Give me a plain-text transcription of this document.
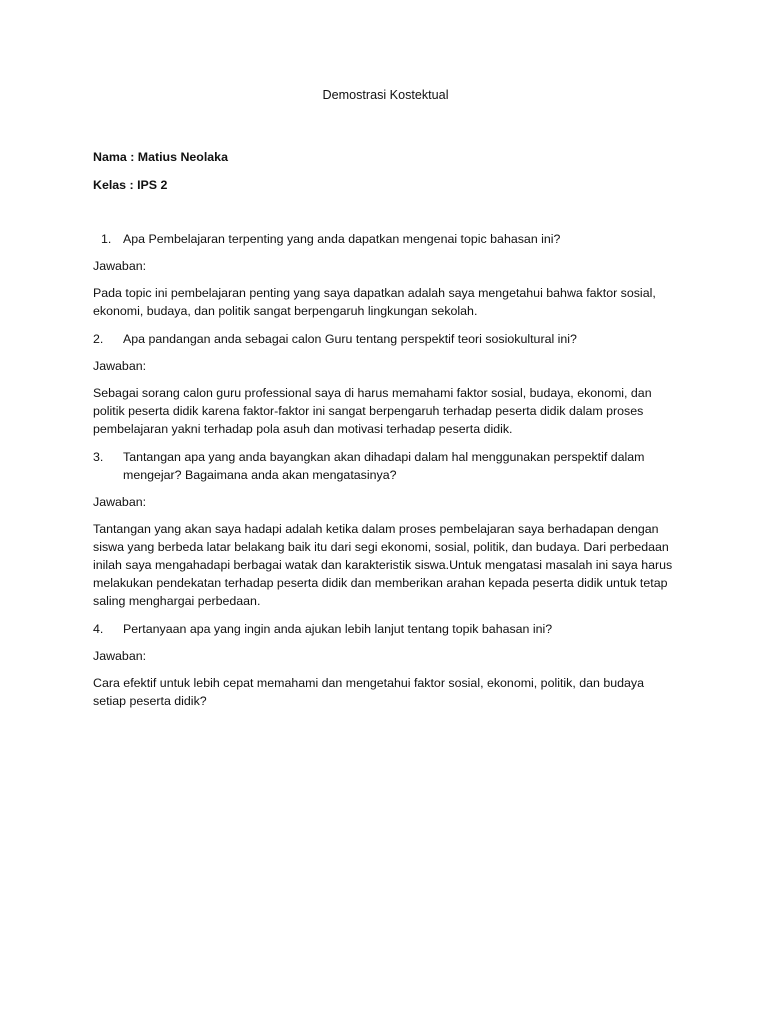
Demostrasi Kostektual
Nama : Matius Neolaka
Kelas : IPS 2
1. Apa Pembelajaran terpenting yang anda dapatkan mengenai topic bahasan ini?
Jawaban:
Pada topic ini pembelajaran penting yang saya dapatkan adalah saya mengetahui bahwa faktor sosial, ekonomi, budaya, dan politik sangat berpengaruh lingkungan sekolah.
2.	Apa pandangan anda sebagai calon Guru tentang perspektif teori sosiokultural ini?
Jawaban:
Sebagai sorang calon guru professional saya di harus memahami faktor sosial, budaya, ekonomi, dan politik peserta didik karena faktor-faktor ini sangat berpengaruh terhadap peserta didik dalam proses pembelajaran yakni terhadap pola asuh dan motivasi terhadap peserta didik.
3.	Tantangan apa yang anda bayangkan akan dihadapi dalam hal menggunakan perspektif dalam mengejar? Bagaimana anda akan mengatasinya?
Jawaban:
Tantangan yang akan saya hadapi adalah ketika dalam proses pembelajaran saya berhadapan dengan siswa yang berbeda latar belakang baik itu dari segi ekonomi, sosial, politik, dan budaya. Dari perbedaan inilah saya mengahadapi berbagai watak dan karakteristik siswa.Untuk mengatasi masalah ini saya harus melakukan pendekatan terhadap peserta didik dan memberikan arahan kepada peserta didik untuk tetap saling menghargai perbedaan.
4.	Pertanyaan apa yang ingin anda ajukan lebih lanjut tentang topik bahasan ini?
Jawaban:
Cara efektif untuk lebih cepat memahami dan mengetahui faktor sosial, ekonomi, politik, dan budaya setiap peserta didik?
